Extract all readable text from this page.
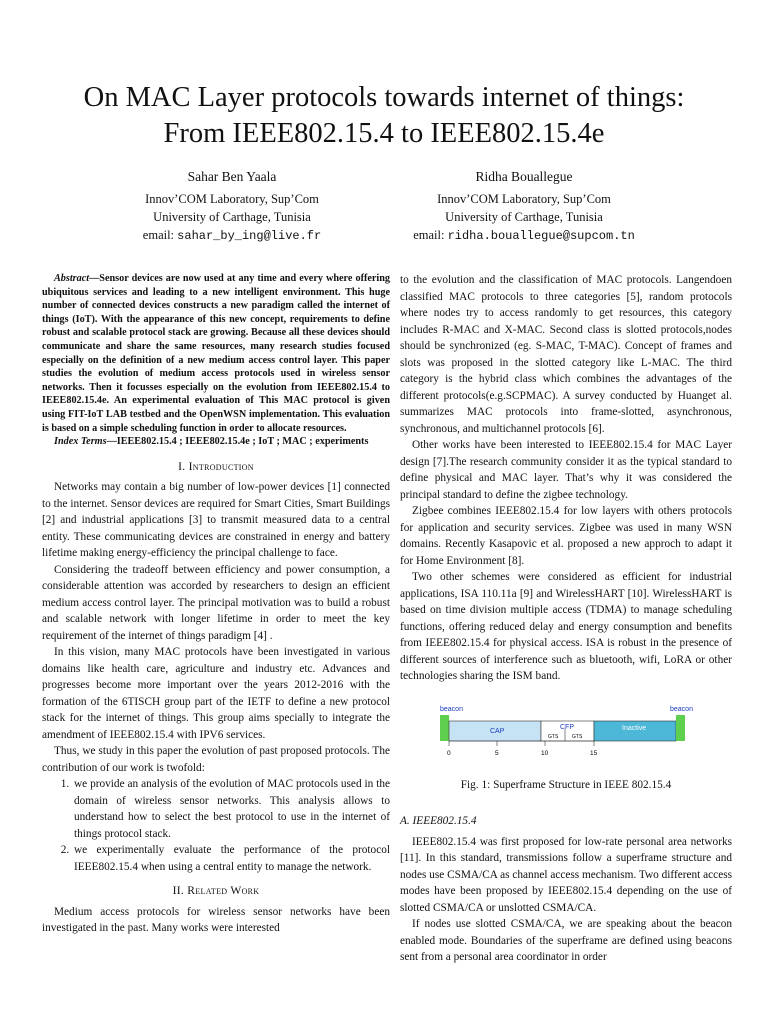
On MAC Layer protocols towards internet of things:
From IEEE802.15.4 to IEEE802.15.4e
Sahar Ben Yaala
Innov’COM Laboratory, Sup’Com
University of Carthage, Tunisia
email: sahar_by_ing@live.fr
Ridha Bouallegue
Innov’COM Laboratory, Sup’Com
University of Carthage, Tunisia
email: ridha.bouallegue@supcom.tn

Abstract—Sensor devices are now used at any time and every where offering ubiquitous services and leading to a new intelligent environment. This huge number of connected devices constructs a new paradigm called the internet of things (IoT). With the appearance of this new concept, requirements to define robust and scalable protocol stack are growing. Because all these devices should communicate and share the same resources, many research studies focused especially on the definition of a new medium access control layer. This paper studies the evolution of medium access protocols used in wireless sensor networks. Then it focusses especially on the evolution from IEEE802.15.4 to IEEE802.15.4e. An experimental evaluation of This MAC protocol is given using FIT-IoT LAB testbed and the OpenWSN implementation. This evaluation is based on a simple scheduling function in order to allocate resources.

Index Terms—IEEE802.15.4 ; IEEE802.15.4e ; IoT ; MAC ; experiments

I. Introduction

Networks may contain a big number of low-power devices [1] connected to the internet. Sensor devices are required for Smart Cities, Smart Buildings [2] and industrial applications [3] to transmit measured data to a central entity. These communicating devices are constrained in energy and battery lifetime making energy-efficiency the principal challenge to face.

Considering the tradeoff between efficiency and power consumption, a considerable attention was accorded by researchers to design an efficient medium access control layer. The principal motivation was to build a robust and scalable network with longer lifetime in order to meet the key requirement of the internet of things paradigm [4] .

In this vision, many MAC protocols have been investigated in various domains like health care, agriculture and industry etc. Advances and progresses become more important over the years 2012-2016 with the formation of the 6TISCH group part of the IETF to define a new protocol stack for the internet of things. This group aims specially to integrate the amendment of IEEE802.15.4 with IPV6 services.

Thus, we study in this paper the evolution of past proposed protocols. The contribution of our work is twofold:

1. we provide an analysis of the evolution of MAC protocols used in the domain of wireless sensor networks. This analysis allows to understand how to select the best protocol to use in the internet of things protocol stack.
2. we experimentally evaluate the performance of the protocol IEEE802.15.4 when using a central entity to manage the network.
II. Related Work

Medium access protocols for wireless sensor networks have been investigated in the past. Many works were interested

to the evolution and the classification of MAC protocols. Langendoen classified MAC protocols to three categories [5], random protocols where nodes try to access randomly to get resources, this category includes R-MAC and X-MAC. Second class is slotted protocols,nodes should be synchronized (eg. S-MAC, T-MAC). Concept of frames and slots was proposed in the slotted category like L-MAC. The third category is the hybrid class which combines the advantages of the different protocols(e.g.SCPMAC). A survey conducted by Huanget al. summarizes MAC protocols into frame-slotted, asynchronous, synchronous, and multichannel protocols [6].

Other works have been interested to IEEE802.15.4 for MAC Layer design [7].The research community consider it as the typical standard to define physical and MAC layer. That’s why it was considered the principal standard to define the zigbee technology.

Zigbee combines IEEE802.15.4 for low layers with others protocols for application and security services. Zigbee was used in many WSN domains. Recently Kasapovic et al. proposed a new approch to adapt it for Home Environment [8].

Two other schemes were considered as efficient for industrial applications, ISA 110.11a [9] and WirelessHART [10]. WirelessHART is based on time division multiple access (TDMA) to manage scheduling functions, offering reduced delay and energy consumption and benefits from IEEE802.15.4 for physical access. ISA is robust in the presence of different sources of interference such as bluetooth, wifi, LoRA or other technologies sharing the ISM band.

beacon	beacon
CAP
CFP
GTS	GTS
Inactive
0	5	10	15
Fig. 1: Superframe Structure in IEEE 802.15.4
A. IEEE802.15.4

IEEE802.15.4 was first proposed for low-rate personal area networks [11]. In this standard, transmissions follow a superframe structure and nodes use CSMA/CA as channel access mechanism. Two different access modes have been proposed by IEEE802.15.4 depending on the use of slotted CSMA/CA or unslotted CSMA/CA.

If nodes use slotted CSMA/CA, we are speaking about the beacon enabled mode. Boundaries of the superframe are defined using beacons sent from a personal area coordinator in order
